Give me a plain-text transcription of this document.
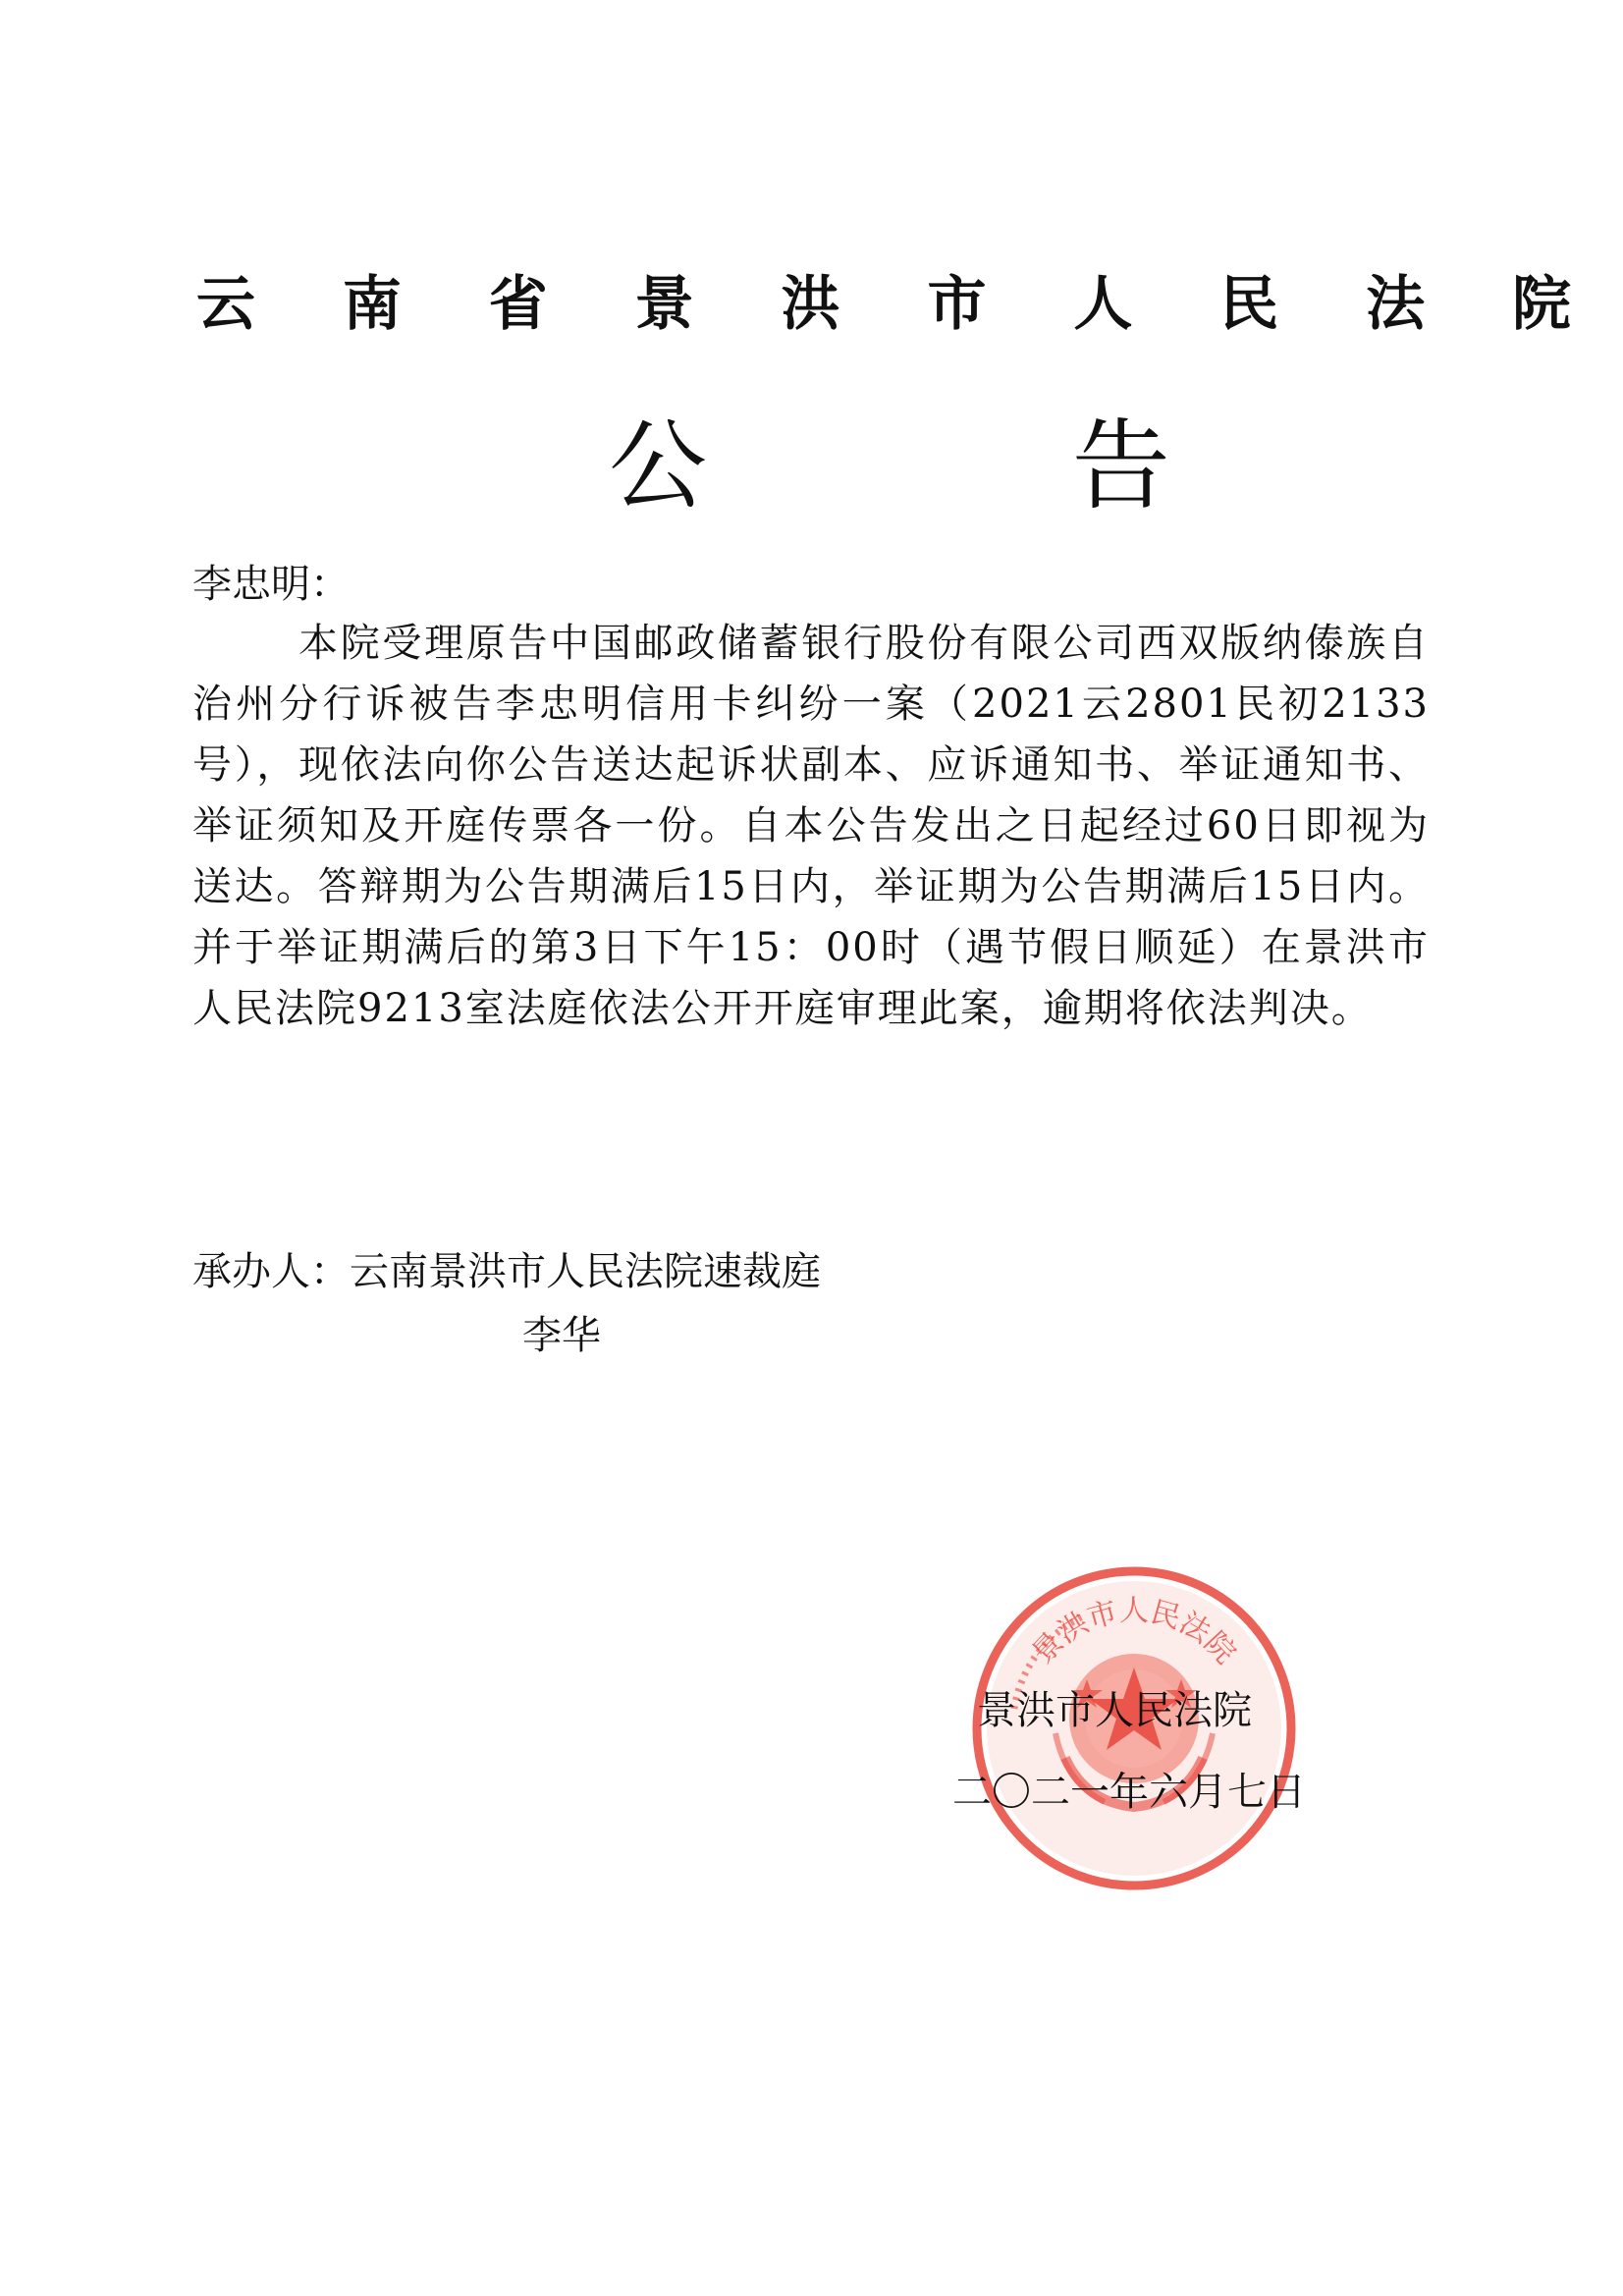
云 南 省 景 洪 市 人 民 法 院
公 告
李忠明：
本院受理原告中国邮政储蓄银行股份有限公司西双版纳傣族自治州分行诉被告李忠明信用卡纠纷一案（2021云2801民初2133号），现依法向你公告送达起诉状副本、应诉通知书、举证通知书、举证须知及开庭传票各一份。自本公告发出之日起经过60日即视为送达。答辩期为公告期满后15日内，举证期为公告期满后15日内。并于举证期满后的第3日下午15：00时（遇节假日顺延）在景洪市人民法院9213室法庭依法公开开庭审理此案，逾期将依法判决。
承办人：云南景洪市人民法院速裁庭
李华
景洪市人民法院
景洪市人民法院
二〇二一年六月七日
